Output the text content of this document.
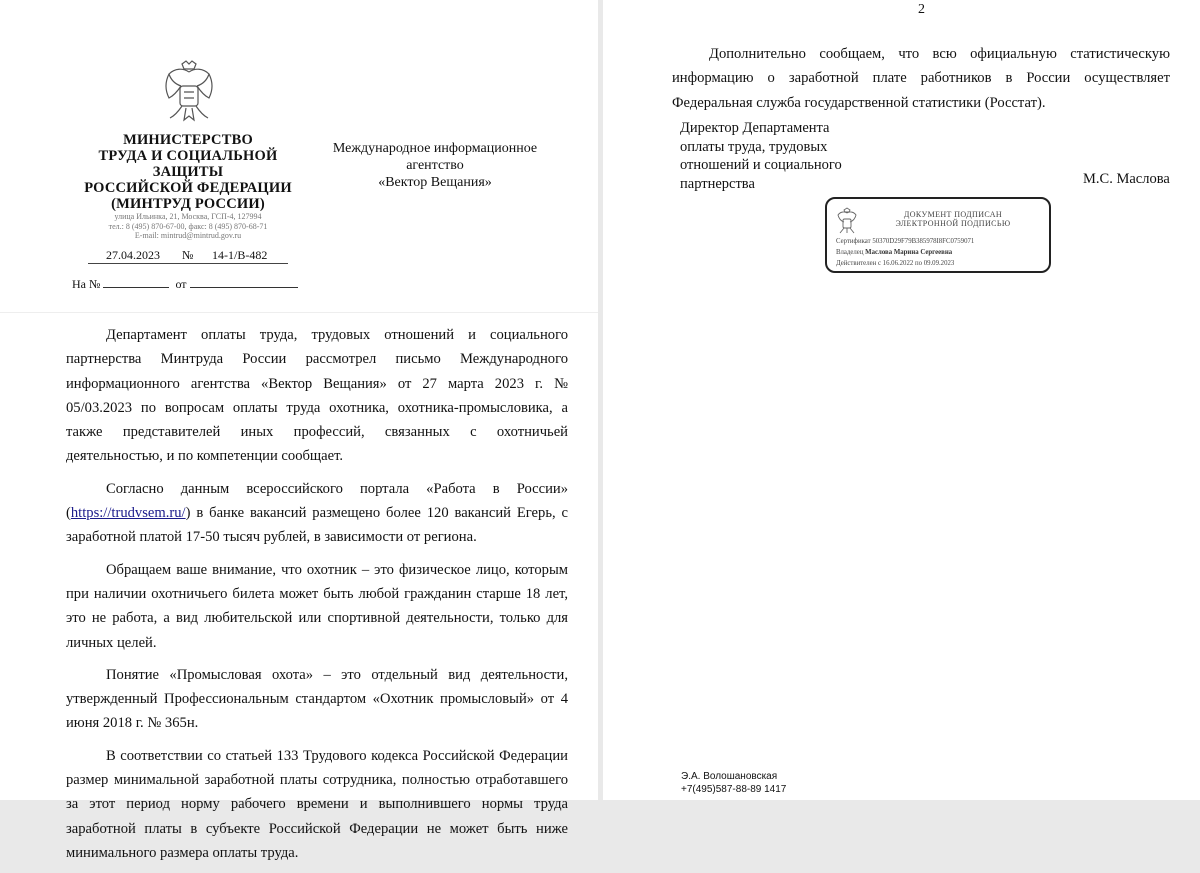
МИНИСТЕРСТВО
ТРУДА И СОЦИАЛЬНОЙ
ЗАЩИТЫ
РОССИЙСКОЙ ФЕДЕРАЦИИ
(МИНТРУД РОССИИ)
улица Ильинка, 21, Москва, ГСП-4, 127994
тел.: 8 (495) 870-67-00, факс: 8 (495) 870-68-71
E-mail: mintrud@mintrud.gov.ru
27.04.2023 № 14-1/В-482
На №	от
Международное информационное
агентство
«Вектор Вещания»

Департамент оплаты труда, трудовых отношений и социального партнерства Минтруда России рассмотрел письмо Международного информационного агентства «Вектор Вещания» от 27 марта 2023 г. № 05/03.2023 по вопросам оплаты труда охотника, охотника-промысловика, а также представителей иных профессий, связанных с охотничьей деятельностью, и по компетенции сообщает.

Согласно данным всероссийского портала «Работа в России» (https://trudvsem.ru/) в банке вакансий размещено более 120 вакансий Егерь, с заработной платой 17-50 тысяч рублей, в зависимости от региона.

Обращаем ваше внимание, что охотник – это физическое лицо, которым при наличии охотничьего билета может быть любой гражданин старше 18 лет, это не работа, а вид любительской или спортивной деятельности, только для личных целей.

Понятие «Промысловая охота» – это отдельный вид деятельности, утвержденный Профессиональным стандартом «Охотник промысловый» от 4 июня 2018 г. № 365н.

В соответствии со статьей 133 Трудового кодекса Российской Федерации размер минимальной заработной платы сотрудника, полностью отработавшего за этот период норму рабочего времени и выполнившего нормы труда заработной платы в субъекте Российской Федерации не может быть ниже минимального размера оплаты труда.

2

Дополнительно сообщаем, что всю официальную статистическую информацию о заработной плате работников в России осуществляет Федеральная служба государственной статистики (Росстат).

Директор Департамента
оплаты труда, трудовых
отношений и социального
партнерства	М.С. Маслова
ДОКУМЕНТ ПОДПИСАН
ЭЛЕКТРОННОЙ ПОДПИСЬЮ
Сертификат 50370D29F79B385978I8FC0759071
Владелец Маслова Марина Сергеевна
Действителен с 16.06.2022 по 09.09.2023
Э.А. Волошановская
+7(495)587-88-89 1417
